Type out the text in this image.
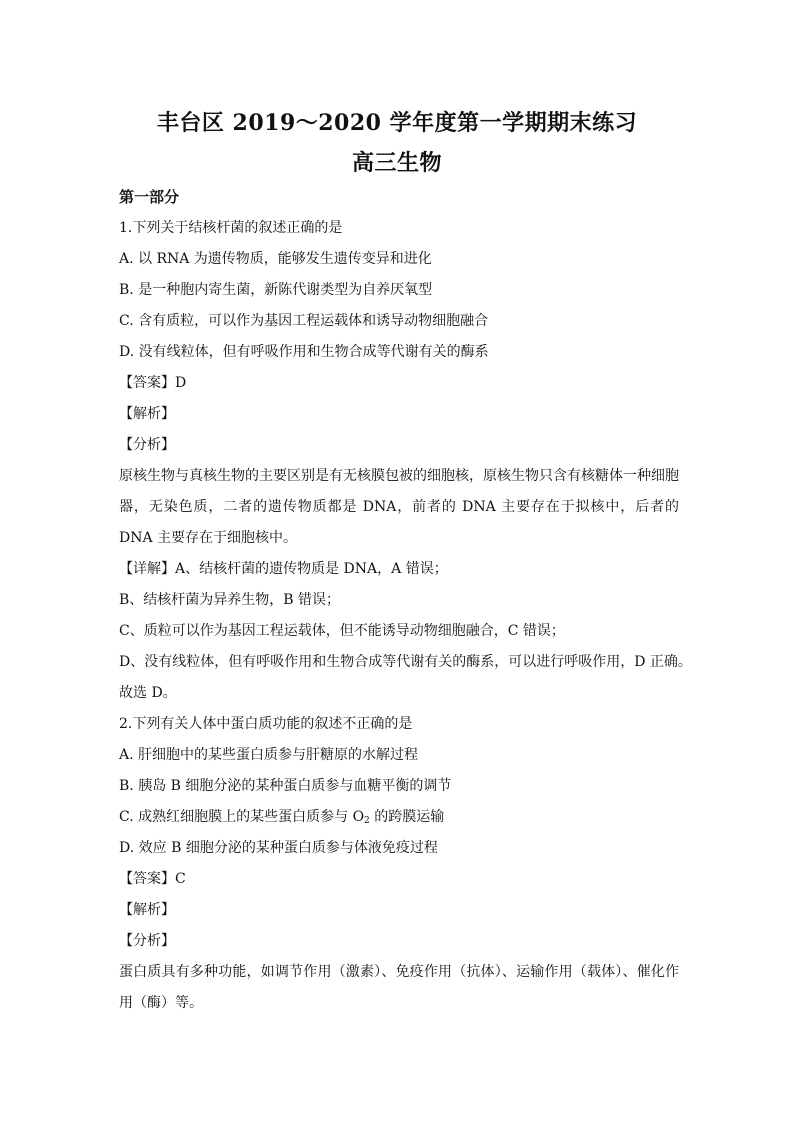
丰台区 2019～2020 学年度第一学期期末练习
高三生物
第一部分
1.下列关于结核杆菌的叙述正确的是
A. 以 RNA 为遗传物质，能够发生遗传变异和进化
B. 是一种胞内寄生菌，新陈代谢类型为自养厌氧型
C. 含有质粒，可以作为基因工程运载体和诱导动物细胞融合
D. 没有线粒体，但有呼吸作用和生物合成等代谢有关的酶系
【答案】D
【解析】
【分析】
原核生物与真核生物的主要区别是有无核膜包被的细胞核，原核生物只含有核糖体一种细胞器，无染色质，二者的遗传物质都是 DNA，前者的 DNA 主要存在于拟核中，后者的 DNA 主要存在于细胞核中。
【详解】A、结核杆菌的遗传物质是 DNA，A 错误；
B、结核杆菌为异养生物，B 错误；
C、质粒可以作为基因工程运载体，但不能诱导动物细胞融合，C 错误；
D、没有线粒体，但有呼吸作用和生物合成等代谢有关的酶系，可以进行呼吸作用，D 正确。
故选 D。
2.下列有关人体中蛋白质功能的叙述不正确的是
A. 肝细胞中的某些蛋白质参与肝糖原的水解过程
B. 胰岛 B 细胞分泌的某种蛋白质参与血糖平衡的调节
C. 成熟红细胞膜上的某些蛋白质参与 $O_2$ 的跨膜运输
D. 效应 B 细胞分泌的某种蛋白质参与体液免疫过程
【答案】C
【解析】
【分析】
蛋白质具有多种功能，如调节作用（激素）、免疫作用（抗体）、运输作用（载体）、催化作用（酶）等。
